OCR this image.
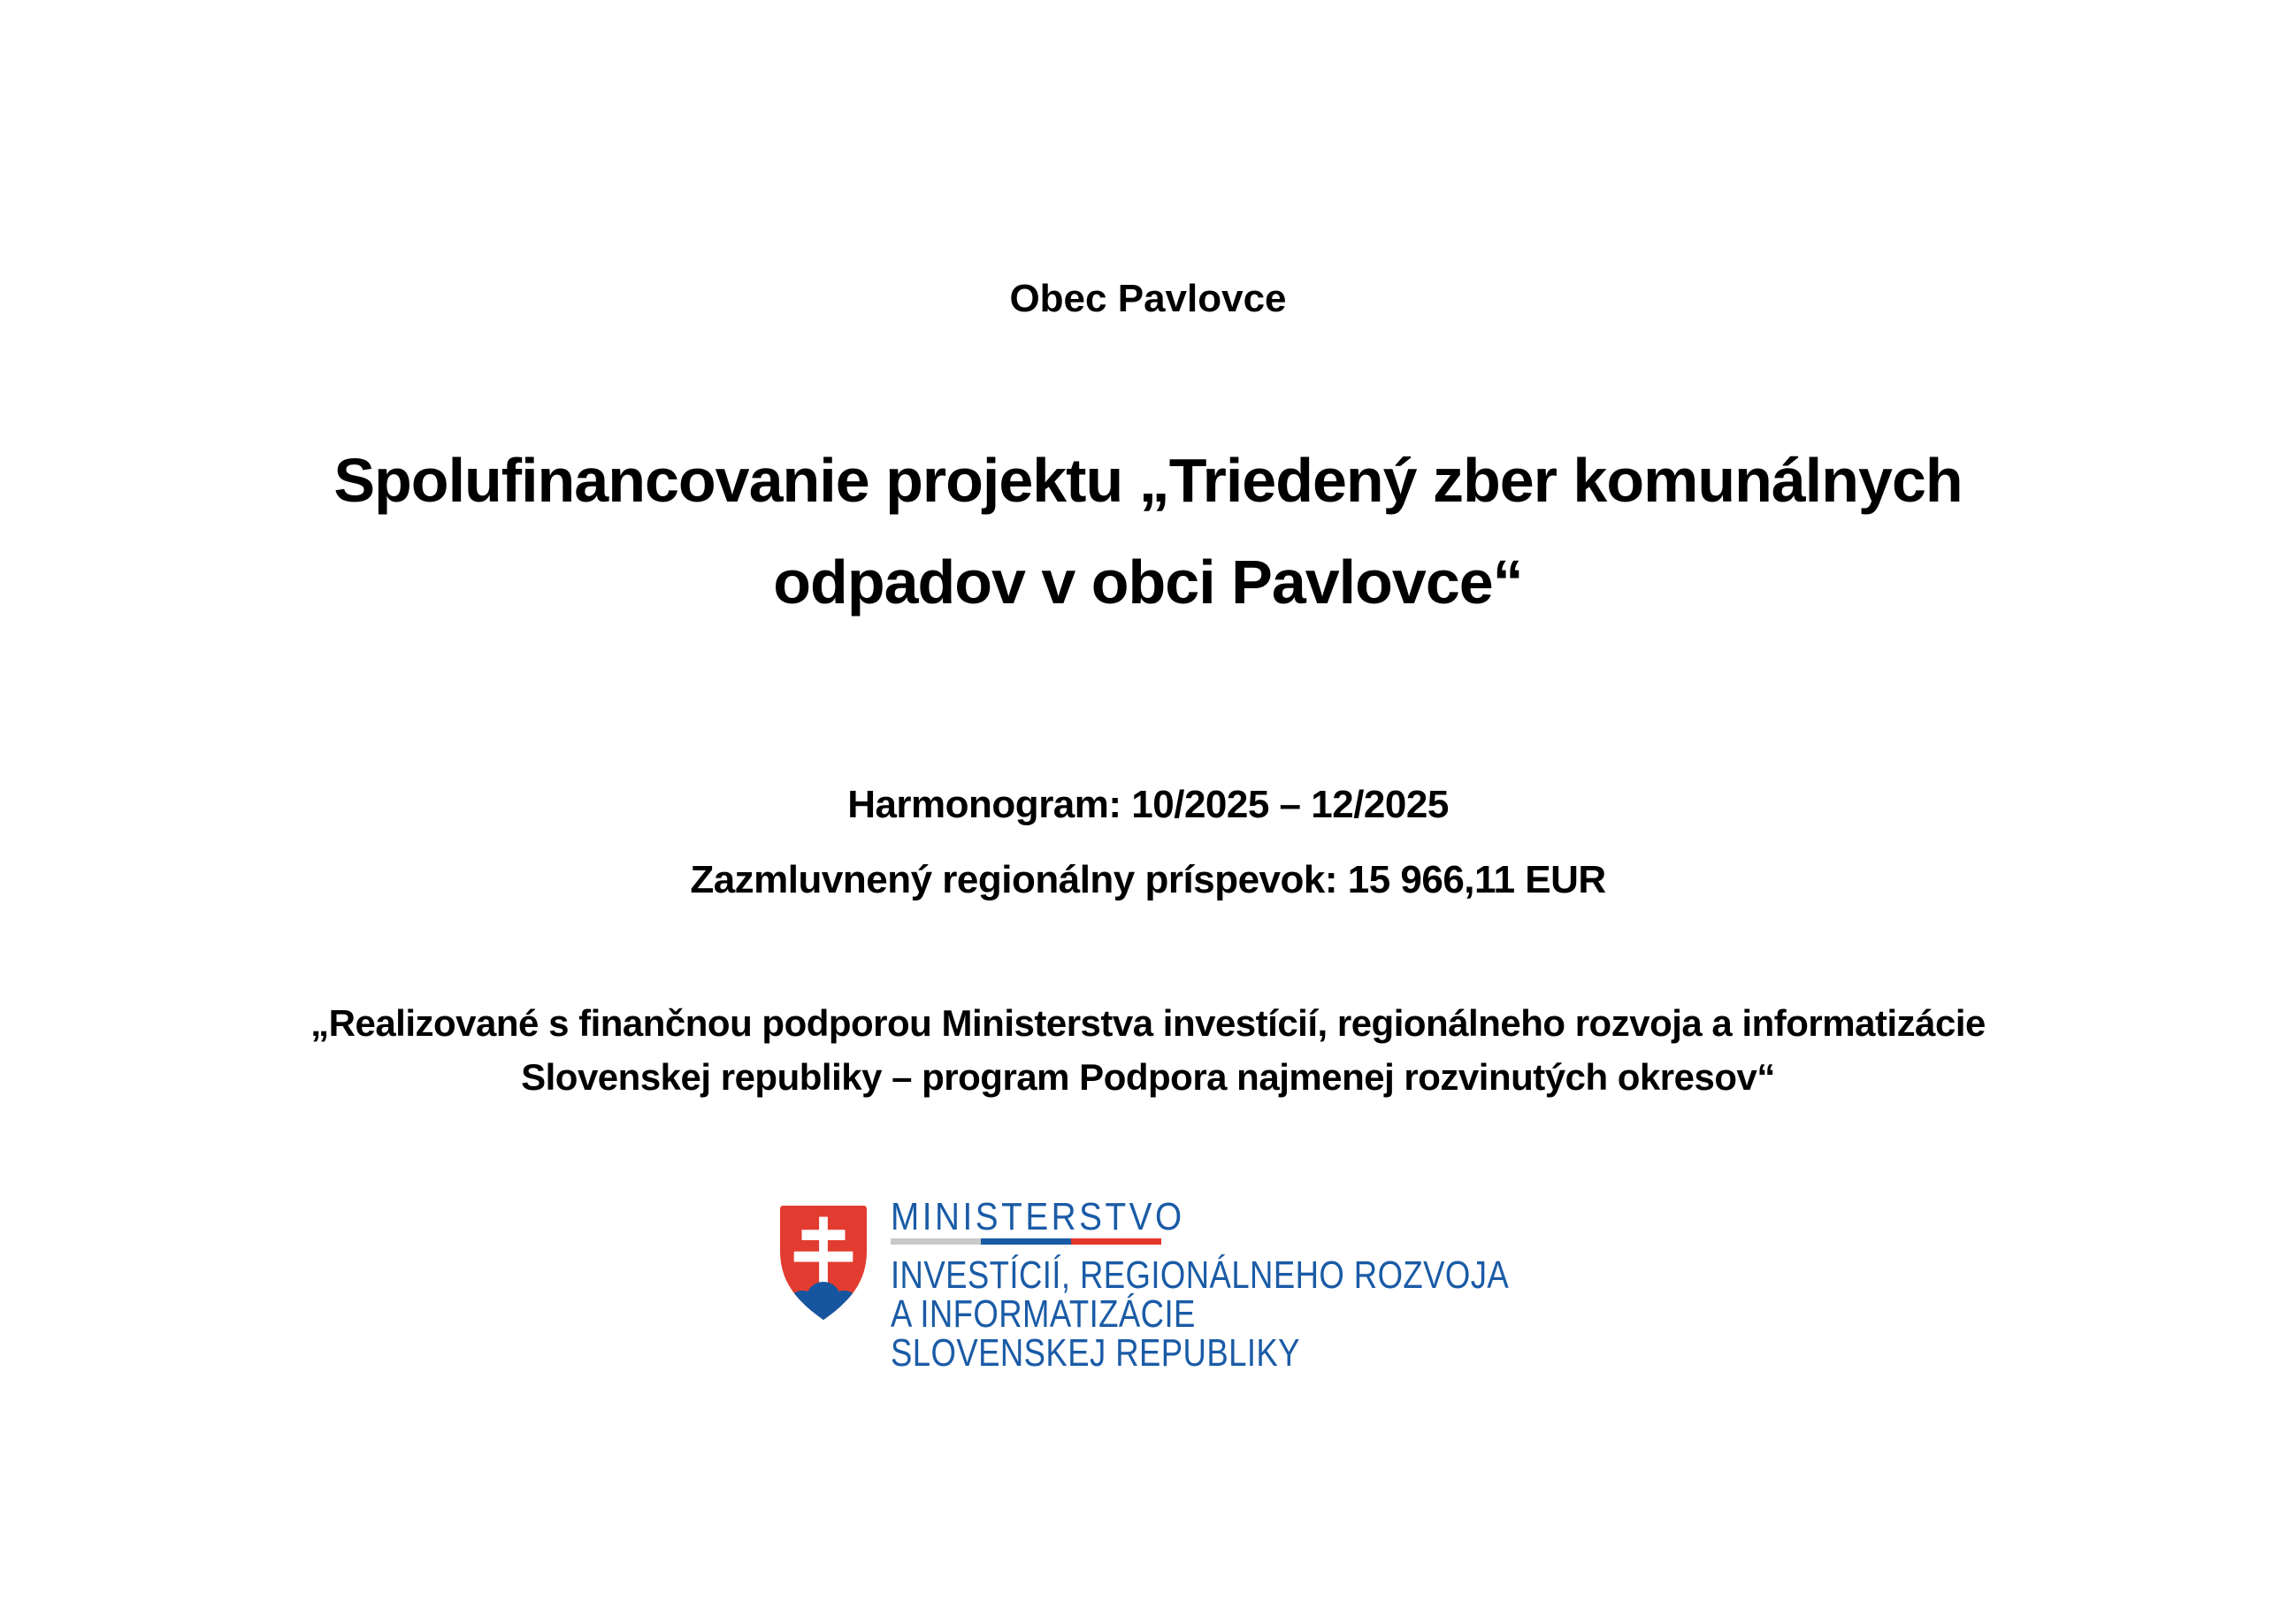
Obec Pavlovce
Spolufinancovanie projektu „Triedený zber komunálnych
odpadov v obci Pavlovce“
Harmonogram: 10/2025 – 12/2025
Zazmluvnený regionálny príspevok: 15 966,11 EUR
„Realizované s finančnou podporou Ministerstva investícií, regionálneho rozvoja a informatizácie
Slovenskej republiky – program Podpora najmenej rozvinutých okresov“
MINISTERSTVO
INVESTÍCIÍ, REGIONÁLNEHO ROZVOJA
A INFORMATIZÁCIE
SLOVENSKEJ REPUBLIKY
